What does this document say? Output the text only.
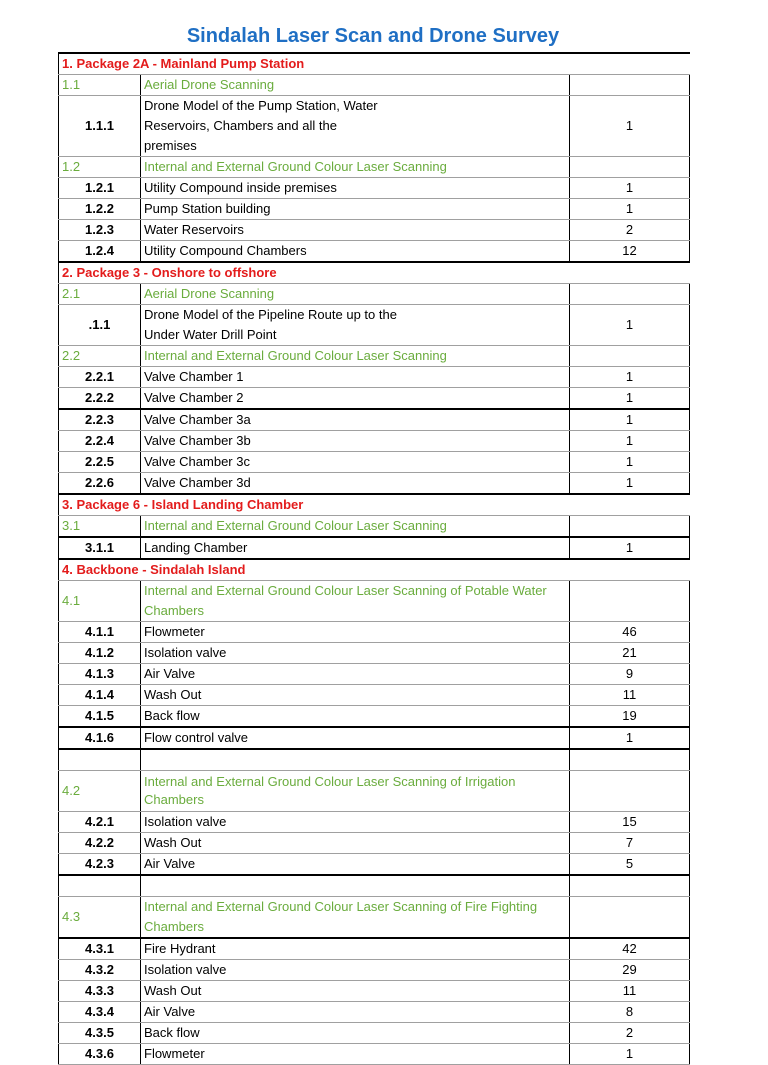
Sindalah Laser Scan and Drone Survey
1. Package 2A - Mainland Pump Station		
1.1	Aerial Drone Scanning	
1.1.1	Drone Model of the Pump Station, Water Reservoirs, Chambers and all the premises	1
1.2	Internal and External Ground Colour Laser Scanning	
1.2.1	Utility Compound inside premises	1
1.2.2	Pump Station building	1
1.2.3	Water Reservoirs	2
1.2.4	Utility Compound Chambers	12
2. Package 3 - Onshore to offshore		
2.1	Aerial Drone Scanning	
.1.1	Drone Model of the Pipeline Route up to the Under Water Drill Point	1
2.2	Internal and External Ground Colour Laser Scanning	
2.2.1	Valve Chamber 1	1
2.2.2	Valve Chamber 2	1
2.2.3	Valve Chamber 3a	1
2.2.4	Valve Chamber 3b	1
2.2.5	Valve Chamber 3c	1
2.2.6	Valve Chamber 3d	1
3. Package 6 - Island Landing Chamber		
3.1	Internal and External Ground Colour Laser Scanning	
3.1.1	Landing Chamber	1
4. Backbone - Sindalah Island		
4.1	Internal and External Ground Colour Laser Scanning of Potable Water Chambers	
4.1.1	Flowmeter	46
4.1.2	Isolation valve	21
4.1.3	Air Valve	9
4.1.4	Wash Out	11
4.1.5	Back flow	19
4.1.6	Flow control valve	1

4.2	Internal and External Ground Colour Laser Scanning of Irrigation Chambers	
4.2.1	Isolation valve	15
4.2.2	Wash Out	7
4.2.3	Air Valve	5

4.3	Internal and External Ground Colour Laser Scanning of Fire Fighting Chambers	
4.3.1	Fire Hydrant	42
4.3.2	Isolation valve	29
4.3.3	Wash Out	11
4.3.4	Air Valve	8
4.3.5	Back flow	2
4.3.6	Flowmeter	1
